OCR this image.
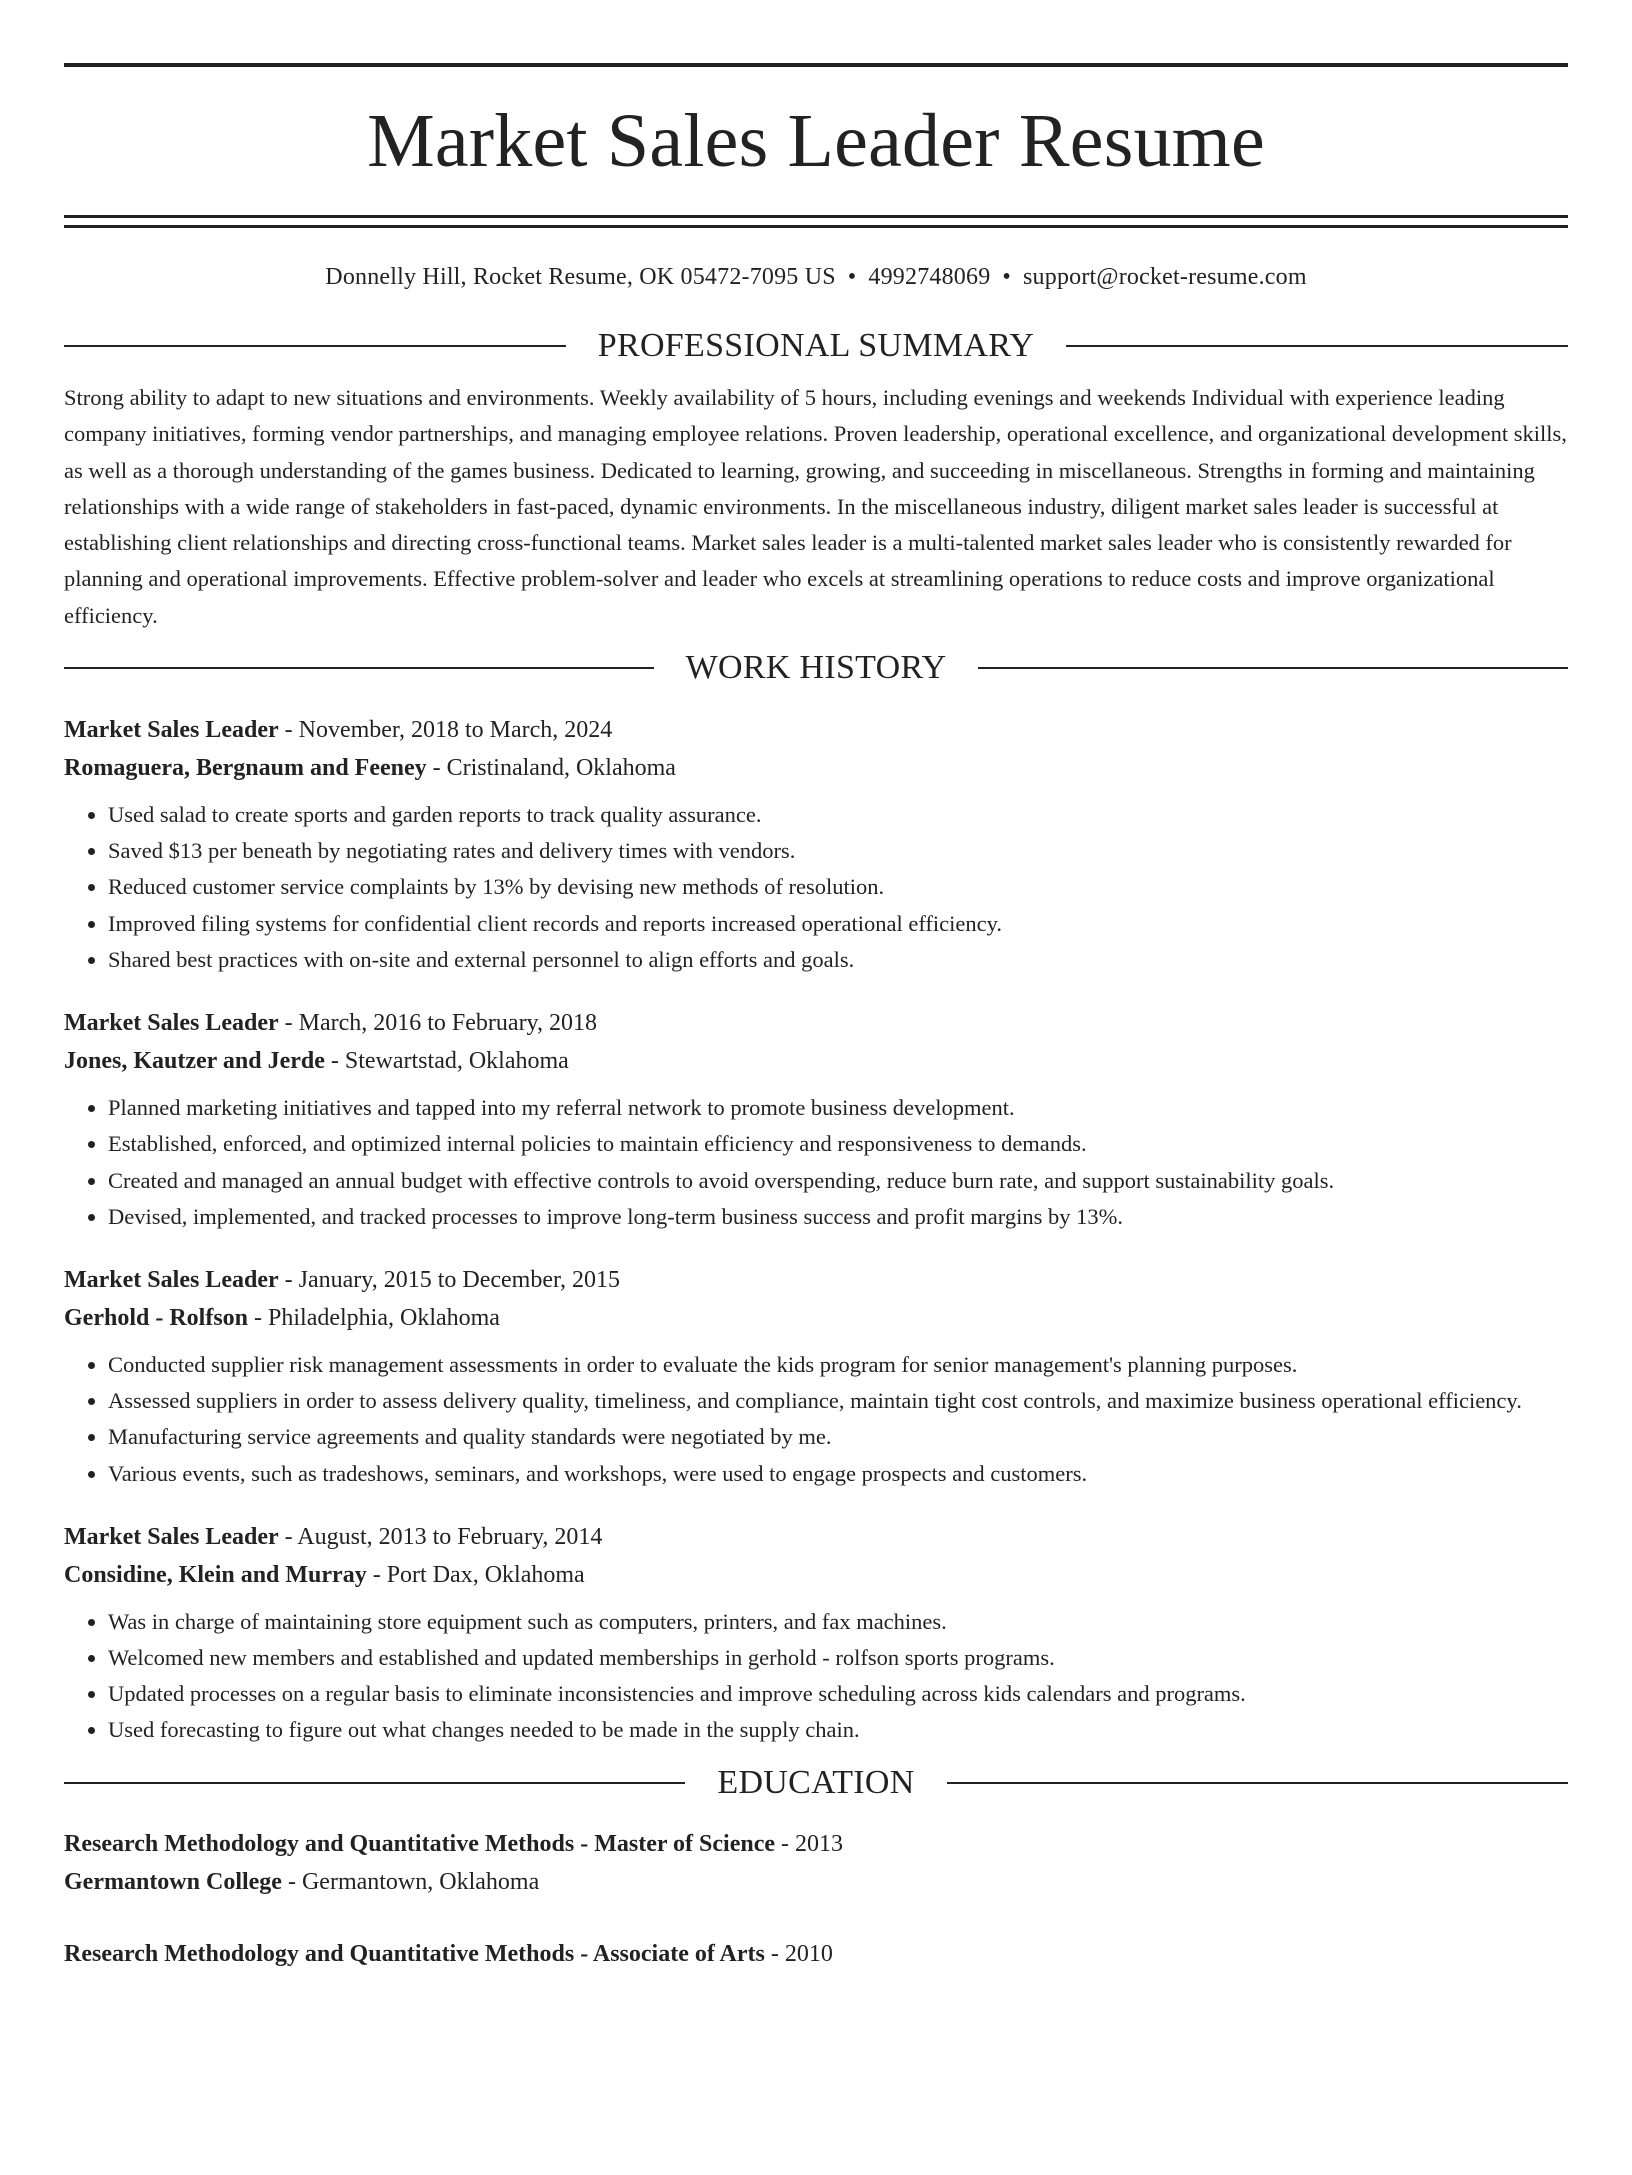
Market Sales Leader Resume
Donnelly Hill, Rocket Resume, OK 05472-7095 US • 4992748069 • support@rocket-resume.com
PROFESSIONAL SUMMARY
Strong ability to adapt to new situations and environments. Weekly availability of 5 hours, including evenings and weekends Individual with experience leading company initiatives, forming vendor partnerships, and managing employee relations. Proven leadership, operational excellence, and organizational development skills, as well as a thorough understanding of the games business. Dedicated to learning, growing, and succeeding in miscellaneous. Strengths in forming and maintaining relationships with a wide range of stakeholders in fast-paced, dynamic environments. In the miscellaneous industry, diligent market sales leader is successful at establishing client relationships and directing cross-functional teams. Market sales leader is a multi-talented market sales leader who is consistently rewarded for planning and operational improvements. Effective problem-solver and leader who excels at streamlining operations to reduce costs and improve organizational efficiency.
WORK HISTORY
Market Sales Leader - November, 2018 to March, 2024
Romaguera, Bergnaum and Feeney - Cristinaland, Oklahoma
• Used salad to create sports and garden reports to track quality assurance.
• Saved $13 per beneath by negotiating rates and delivery times with vendors.
• Reduced customer service complaints by 13% by devising new methods of resolution.
• Improved filing systems for confidential client records and reports increased operational efficiency.
• Shared best practices with on-site and external personnel to align efforts and goals.
Market Sales Leader - March, 2016 to February, 2018
Jones, Kautzer and Jerde - Stewartstad, Oklahoma
• Planned marketing initiatives and tapped into my referral network to promote business development.
• Established, enforced, and optimized internal policies to maintain efficiency and responsiveness to demands.
• Created and managed an annual budget with effective controls to avoid overspending, reduce burn rate, and support sustainability goals.
• Devised, implemented, and tracked processes to improve long-term business success and profit margins by 13%.
Market Sales Leader - January, 2015 to December, 2015
Gerhold - Rolfson - Philadelphia, Oklahoma
• Conducted supplier risk management assessments in order to evaluate the kids program for senior management's planning purposes.
• Assessed suppliers in order to assess delivery quality, timeliness, and compliance, maintain tight cost controls, and maximize business operational efficiency.
• Manufacturing service agreements and quality standards were negotiated by me.
• Various events, such as tradeshows, seminars, and workshops, were used to engage prospects and customers.
Market Sales Leader - August, 2013 to February, 2014
Considine, Klein and Murray - Port Dax, Oklahoma
• Was in charge of maintaining store equipment such as computers, printers, and fax machines.
• Welcomed new members and established and updated memberships in gerhold - rolfson sports programs.
• Updated processes on a regular basis to eliminate inconsistencies and improve scheduling across kids calendars and programs.
• Used forecasting to figure out what changes needed to be made in the supply chain.
EDUCATION
Research Methodology and Quantitative Methods - Master of Science - 2013
Germantown College - Germantown, Oklahoma
Research Methodology and Quantitative Methods - Associate of Arts - 2010
